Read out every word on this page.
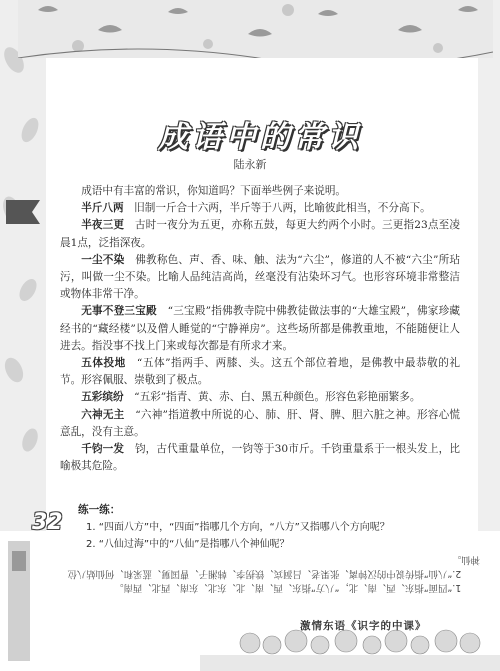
成语中的常识
陆永新

成语中有丰富的常识，你知道吗？下面举些例子来说明。

半斤八两　 旧制一斤合十六两，半斤等于八两，比喻彼此相当，不分高下。

半夜三更　 古时一夜分为五更，亦称五鼓，每更大约两个小时。三更指23点至凌晨1点，泛指深夜。

一尘不染　 佛教称色、声、香、味、触、法为“六尘”，修道的人不被“六尘”所玷污，叫做一尘不染。比喻人品纯洁高尚，丝毫没有沾染坏习气。也形容环境非常整洁或物体非常干净。

无事不登三宝殿　 “三宝殿”指佛教寺院中佛教徒做法事的“大雄宝殿”，佛家珍藏经书的“藏经楼”以及僧人睡觉的“宁静禅房”。这些场所都是佛教重地，不能随便让人进去。指没事不找上门来或每次都是有所求才来。

五体投地　 “五体”指两手、两膝、头。这五个部位着地，是佛教中最恭敬的礼节。形容佩服、崇敬到了极点。

五彩缤纷　 “五彩”指青、黄、赤、白、黑五种颜色。形容色彩艳丽繁多。

六神无主　 “六神”指道教中所说的心、肺、肝、肾、脾、胆六脏之神。形容心慌意乱，没有主意。

千钧一发　 钧，古代重量单位，一钧等于30市斤。千钧重量系于一根头发上，比喻极其危险。

32	练一练：
1. “四面八方”中，“四面”指哪几个方向，“八方”又指哪八个方向呢？
2. “八仙过海”中的“八仙”是指哪八个神仙呢？

1.“四面”指东、西、南、北，“八方”指东、西、南、北、东北、东南、西北、西南。

2.“八仙”指传说中的汉钟离、张果老、吕洞宾、铁拐李、韩湘子、曹国舅、蓝采和、何仙姑八位神仙。

激情东语《识字的中课》
